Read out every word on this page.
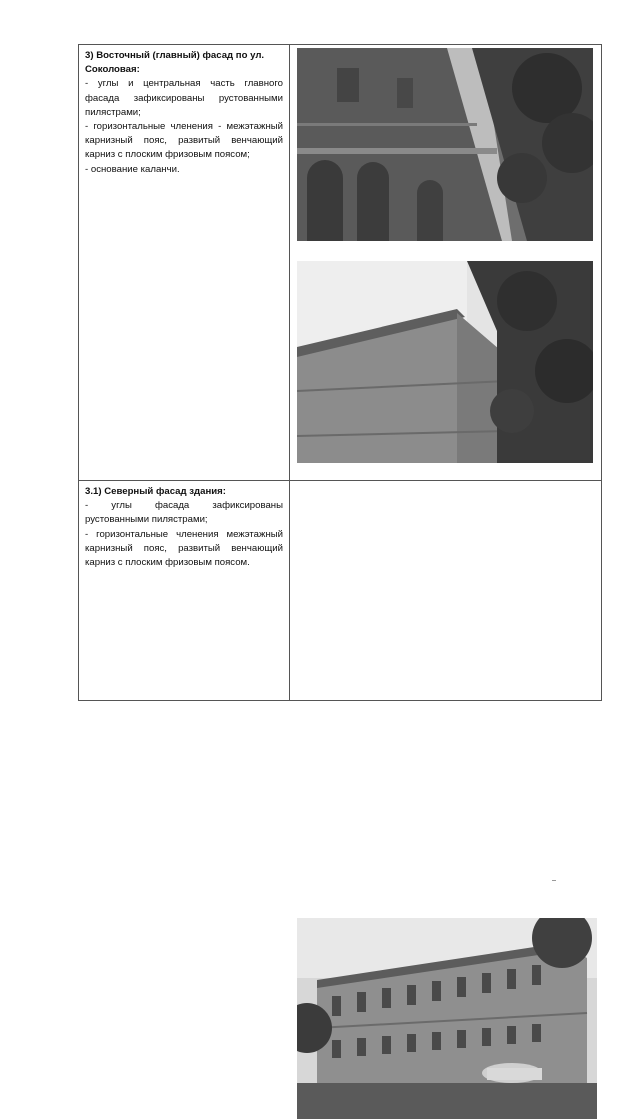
3) Восточный (главный) фасад по ул. Соколовая:

- углы и центральная часть главного фасада зафиксированы рустованными пилястрами;

- горизонтальные членения - межэтажный карнизный пояс, развитый венчающий карниз с плоским фризовым поясом;

- основание каланчи.

3.1) Северный фасад здания:

- углы фасада зафиксированы рустованными пилястрами;

- горизонтальные членения межэтажный карнизный пояс, развитый венчающий карниз с плоским фризовым поясом.
